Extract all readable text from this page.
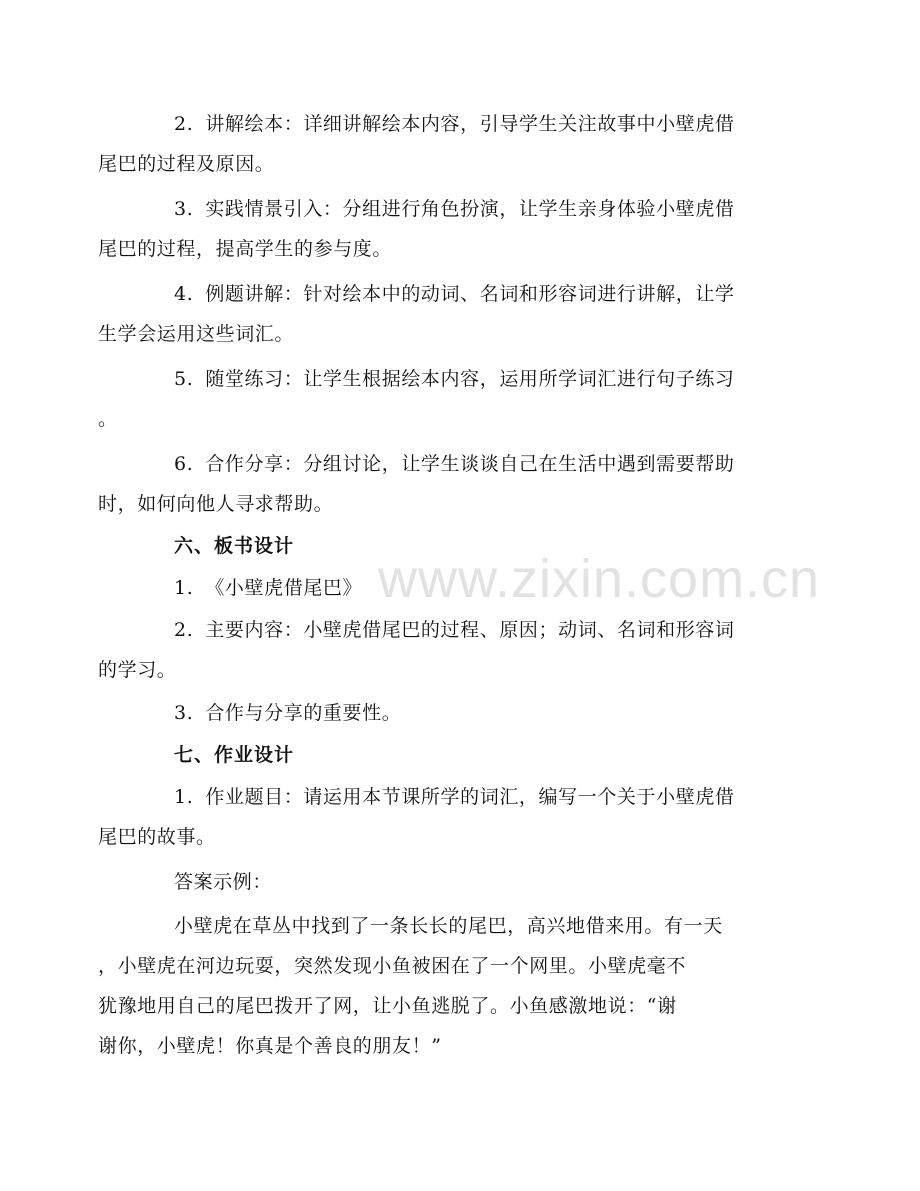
2. 讲解绘本：详细讲解绘本内容，引导学生关注故事中小壁虎借
尾巴的过程及原因。

3. 实践情景引入：分组进行角色扮演，让学生亲身体验小壁虎借
尾巴的过程，提高学生的参与度。

4. 例题讲解：针对绘本中的动词、名词和形容词进行讲解，让学
生学会运用这些词汇。

5. 随堂练习：让学生根据绘本内容，运用所学词汇进行句子练习
。

6. 合作分享：分组讨论，让学生谈谈自己在生活中遇到需要帮助
时，如何向他人寻求帮助。

六、板书设计

1. 《小壁虎借尾巴》

2. 主要内容：小壁虎借尾巴的过程、原因；动词、名词和形容词
的学习。

3. 合作与分享的重要性。

七、作业设计

1. 作业题目：请运用本节课所学的词汇，编写一个关于小壁虎借
尾巴的故事。

答案示例：

小壁虎在草丛中找到了一条长长的尾巴，高兴地借来用。有一天
，小壁虎在河边玩耍，突然发现小鱼被困在了一个网里。小壁虎毫不
犹豫地用自己的尾巴拨开了网，让小鱼逃脱了。小鱼感激地说：“谢
谢你，小壁虎！你真是个善良的朋友！”

www.zixin.com.cn
